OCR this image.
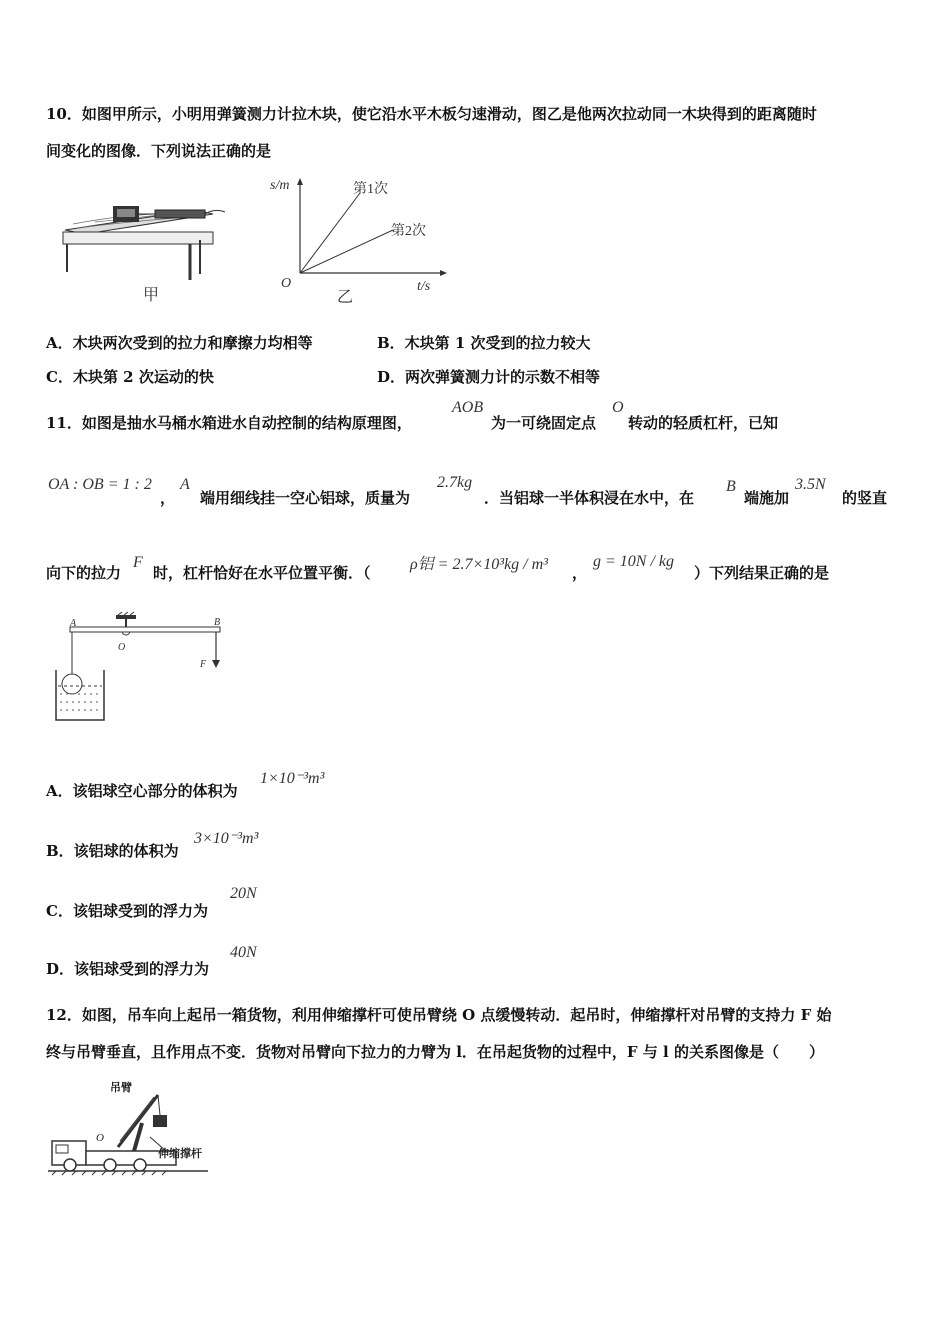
10．如图甲所示，小明用弹簧测力计拉木块，使它沿水平木板匀速滑动，图乙是他两次拉动同一木块得到的距离随时
间变化的图像．下列说法正确的是
甲
s/m
t/s
O
第1次
第2次
乙
A．木块两次受到的拉力和摩擦力均相等	B．木块第 1 次受到的拉力较大
C．木块第 2 次运动的快	D．两次弹簧测力计的示数不相等
11．如图是抽水马桶水箱进水自动控制的结构原理图，
AOB
为一可绕固定点
O
转动的轻质杠杆，已知
OA : OB = 1 : 2
，
A
端用细线挂一空心铝球，质量为
2.7kg
．当铝球一半体积浸在水中，在
B
端施加
3.5N
的竖直
向下的拉力
F
时，杠杆恰好在水平位置平衡．（ ρ铝 = 2.7×10³kg / m³ ，
g = 10N / kg
）下列结果正确的是
A
O
B
F
A．该铝球空心部分的体积为
1×10⁻³m³
B．该铝球的体积为
3×10⁻³m³
C．该铝球受到的浮力为
20N
D．该铝球受到的浮力为
40N
12．如图，吊车向上起吊一箱货物，利用伸缩撑杆可使吊臂绕 O 点缓慢转动．起吊时，伸缩撑杆对吊臂的支持力 F 始
终与吊臂垂直，且作用点不变．货物对吊臂向下拉力的力臂为 l．在吊起货物的过程中，F 与 l 的关系图像是（　　）
吊臂
伸缩撑杆
O
